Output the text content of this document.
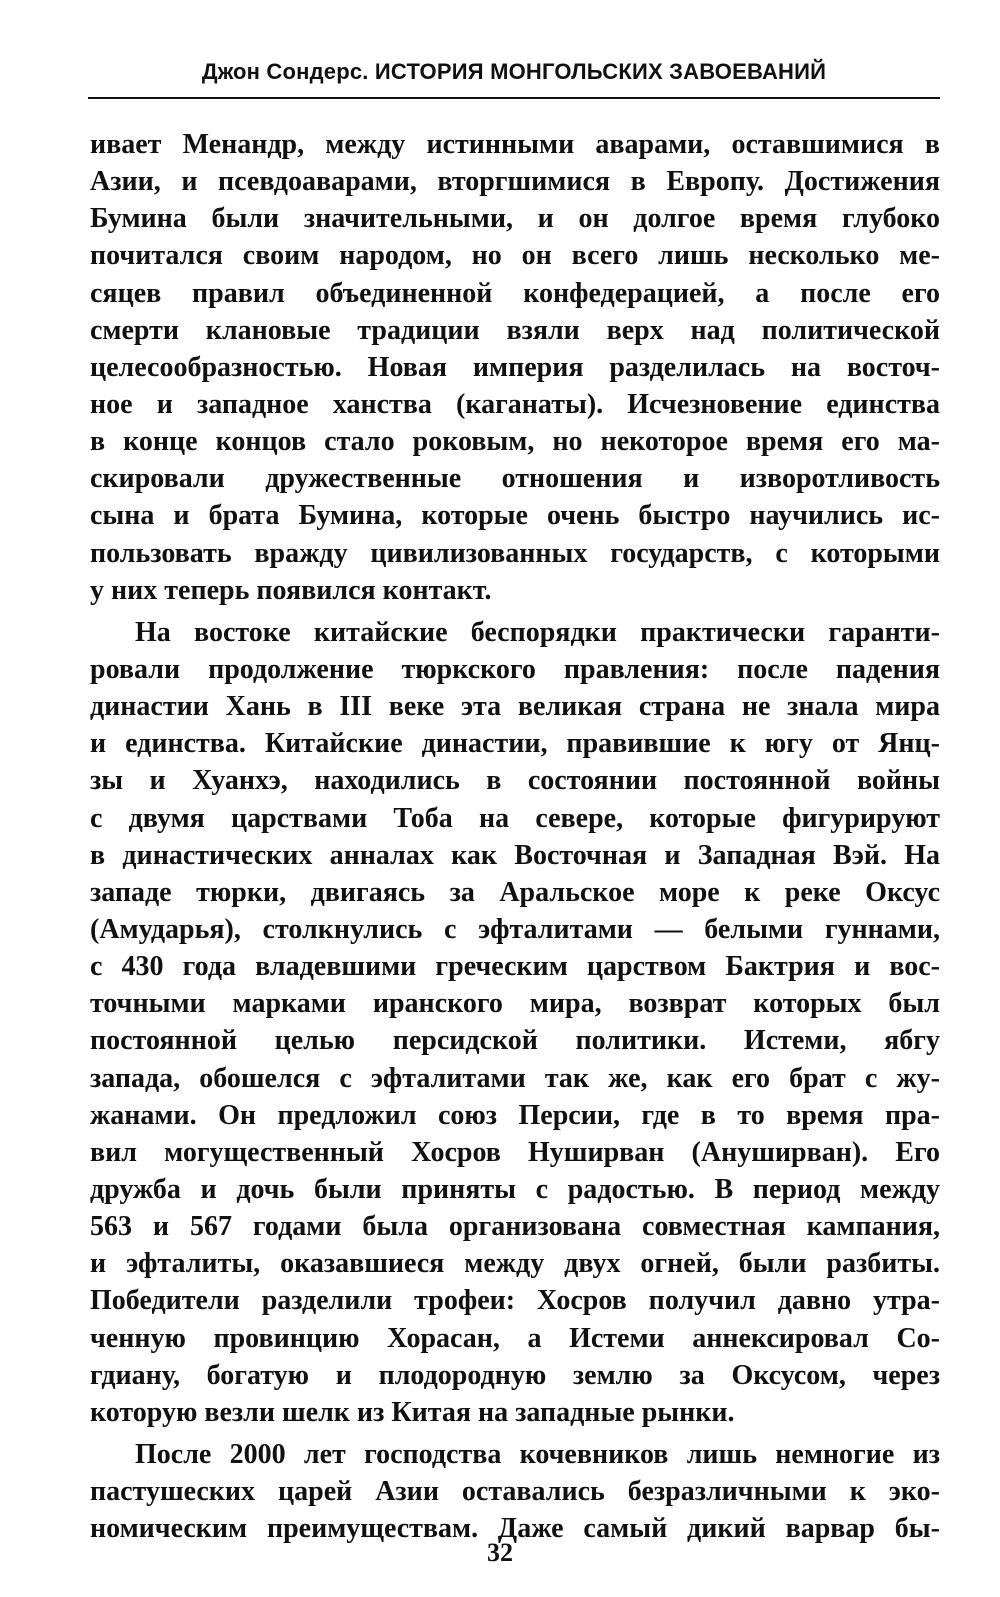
Джон Сондерс. ИСТОРИЯ МОНГОЛЬСКИХ ЗАВОЕВАНИЙ
ивает Менандр, между истинными аварами, оставшимися в
Азии, и псевдоаварами, вторгшимися в Европу. Достижения
Бумина были значительными, и он долгое время глубоко
почитался своим народом, но он всего лишь несколько ме-
сяцев правил объединенной конфедерацией, а после его
смерти клановые традиции взяли верх над политической
целесообразностью. Новая империя разделилась на восточ-
ное и западное ханства (каганаты). Исчезновение единства
в конце концов стало роковым, но некоторое время его ма-
скировали дружественные отношения и изворотливость
сына и брата Бумина, которые очень быстро научились ис-
пользовать вражду цивилизованных государств, с которыми
у них теперь появился контакт.
На востоке китайские беспорядки практически гаранти-
ровали продолжение тюркского правления: после падения
династии Хань в III веке эта великая страна не знала мира
и единства. Китайские династии, правившие к югу от Янц-
зы и Хуанхэ, находились в состоянии постоянной войны
с двумя царствами Тоба на севере, которые фигурируют
в династических анналах как Восточная и Западная Вэй. На
западе тюрки, двигаясь за Аральское море к реке Оксус
(Амударья), столкнулись с эфталитами — белыми гуннами,
с 430 года владевшими греческим царством Бактрия и вос-
точными марками иранского мира, возврат которых был
постоянной целью персидской политики. Истеми, ябгу
запада, обошелся с эфталитами так же, как его брат с жу-
жанами. Он предложил союз Персии, где в то время пра-
вил могущественный Хосров Нуширван (Ануширван). Его
дружба и дочь были приняты с радостью. В период между
563 и 567 годами была организована совместная кампания,
и эфталиты, оказавшиеся между двух огней, были разбиты.
Победители разделили трофеи: Хосров получил давно утра-
ченную провинцию Хорасан, а Истеми аннексировал Со-
гдиану, богатую и плодородную землю за Оксусом, через
которую везли шелк из Китая на западные рынки.
После 2000 лет господства кочевников лишь немногие из
пастушеских царей Азии оставались безразличными к эко-
номическим преимуществам. Даже самый дикий варвар бы-
32
